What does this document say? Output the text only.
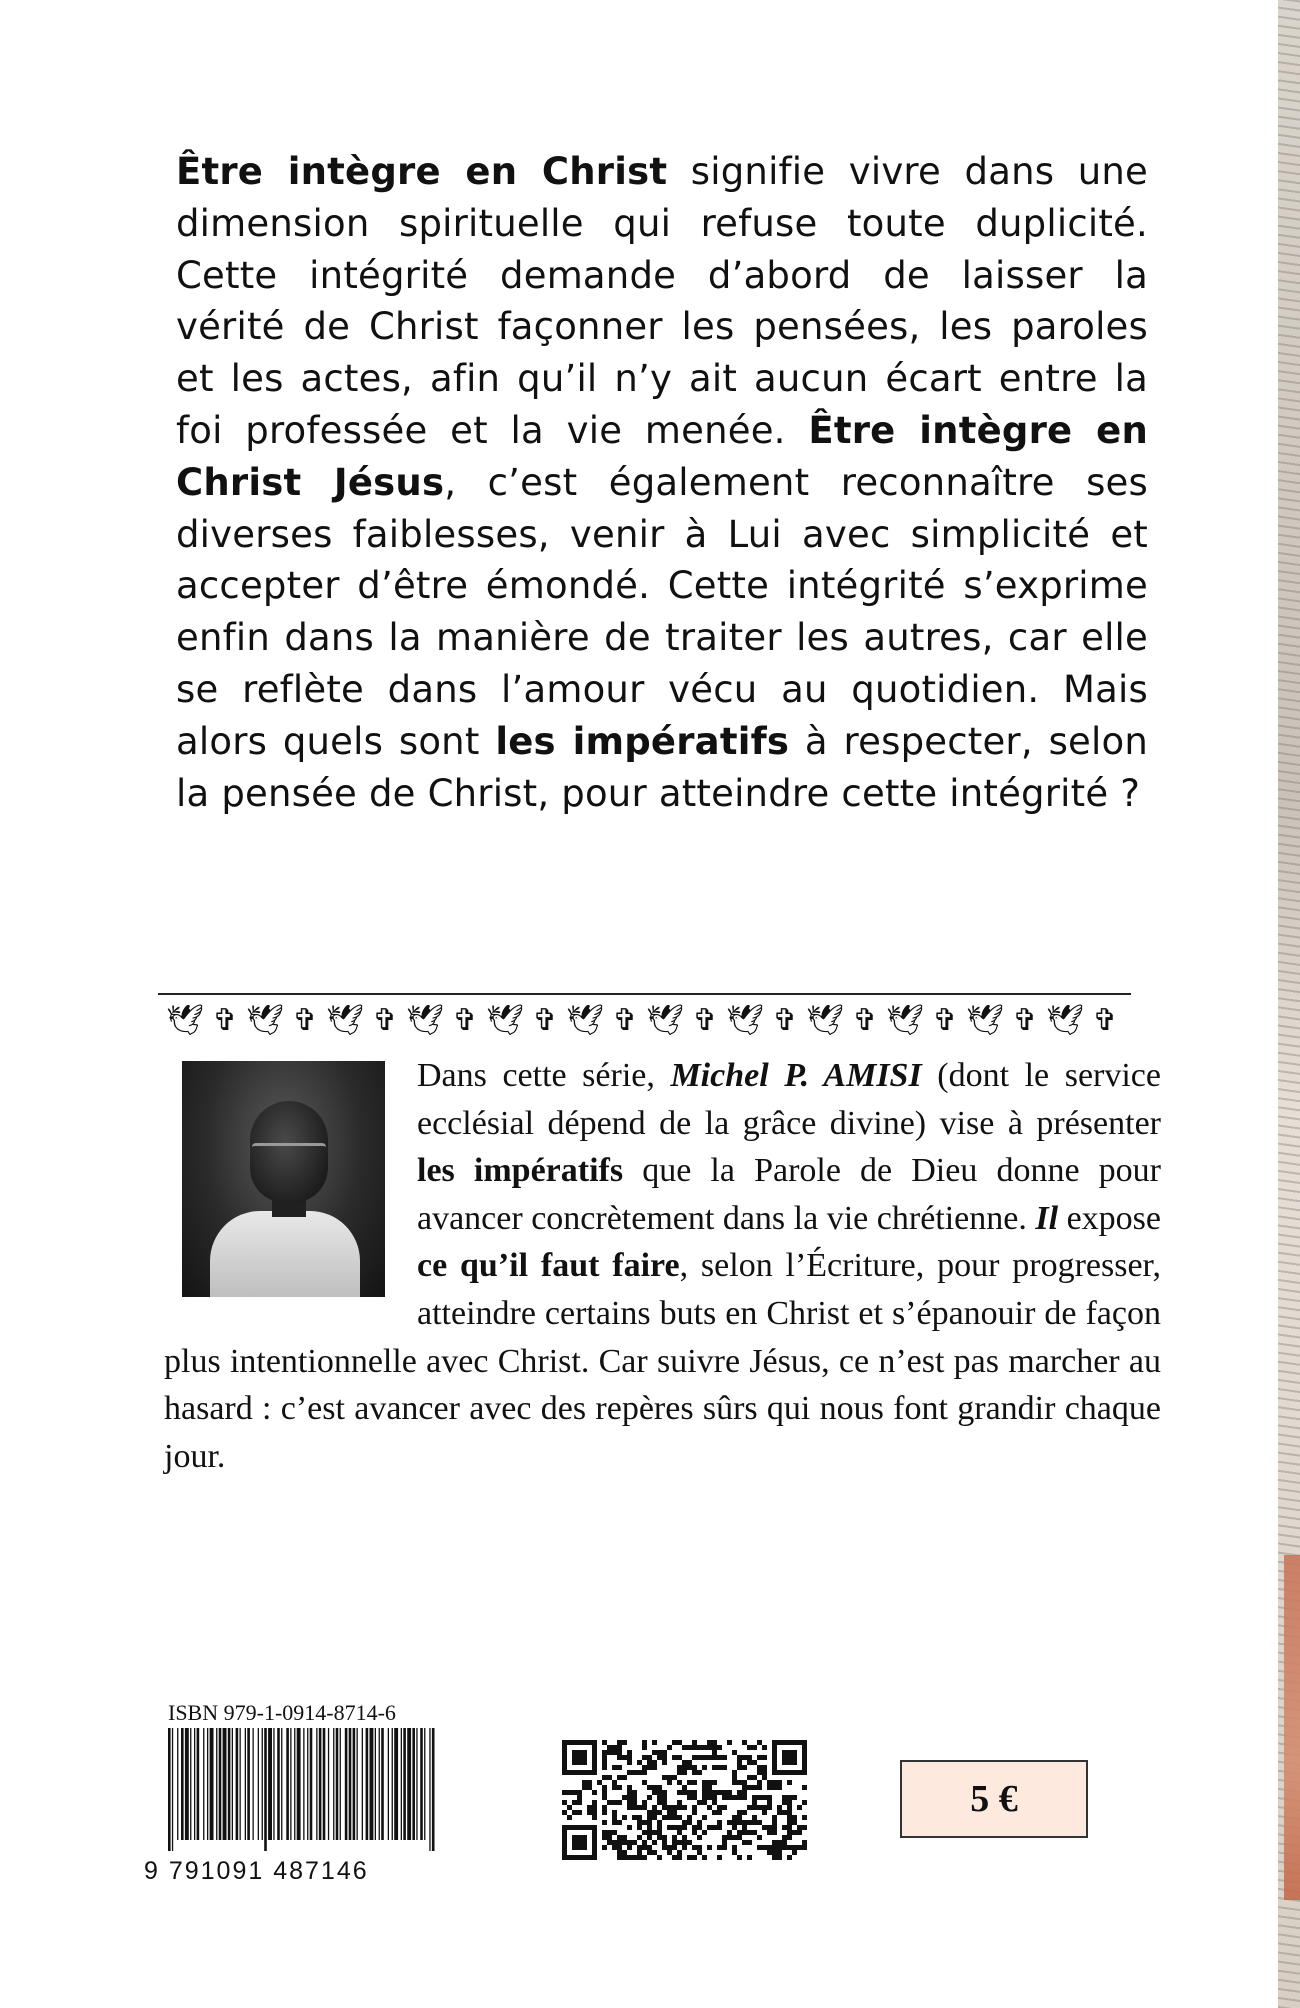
Être intègre en Christ signifie vivre dans une dimension spirituelle qui refuse toute duplicité. Cette intégrité demande d’abord de laisser la vérité de Christ façonner les pensées, les paroles et les actes, afin qu’il n’y ait aucun écart entre la foi professée et la vie menée. Être intègre en Christ Jésus, c’est également reconnaître ses diverses faiblesses, venir à Lui avec simplicité et accepter d’être émondé. Cette intégrité s’exprime enfin dans la manière de traiter les autres, car elle se reflète dans l’amour vécu au quotidien. Mais alors quels sont les impératifs à respecter, selon la pensée de Christ, pour atteindre cette intégrité ?

🕊 ✞ 🕊 ✞ 🕊 ✞ 🕊 ✞ 🕊 ✞ 🕊 ✞ 🕊 ✞ 🕊 ✞ 🕊 ✞ 🕊 ✞ 🕊 ✞ 🕊 ✞

Dans cette série, Michel P. AMISI (dont le service ecclésial dépend de la grâce divine) vise à présenter les impératifs que la Parole de Dieu donne pour avancer concrètement dans la vie chrétienne. Il expose ce qu’il faut faire, selon l’Écriture, pour progresser, atteindre certains buts en Christ et s’épanouir de façon plus intentionnelle avec Christ. Car suivre Jésus, ce n’est pas marcher au hasard : c’est avancer avec des repères sûrs qui nous font grandir chaque jour.

ISBN 979-1-0914-8714-6
9 791091 487146
5 €
